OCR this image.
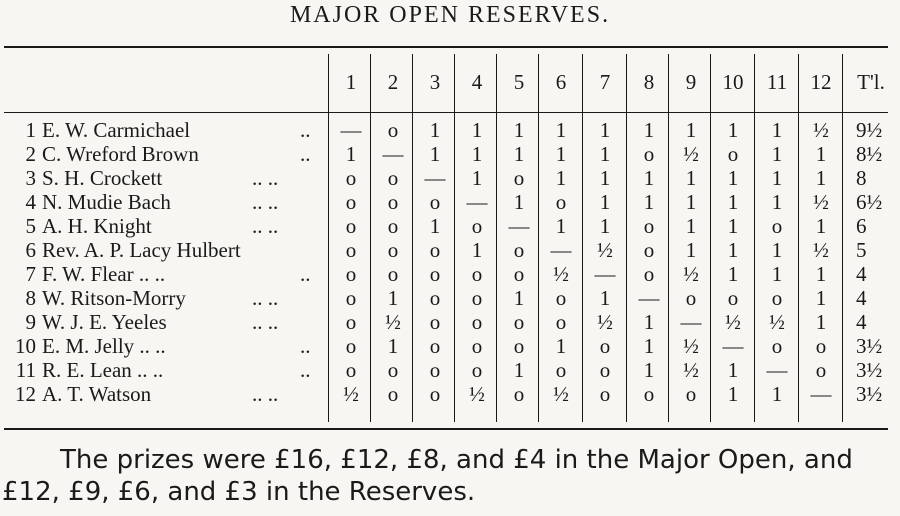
MAJOR OPEN RESERVES.
1	2	3	4	5	6	7	8	9	10	11	12	T'l.
1 E. W. Carmichael	..	—	o	1	1	1	1	1	1	1	1	1	½	9½
2 C. Wreford Brown	..	1	—	1	1	1	1	1	o	½	o	1	1	8½
3 S. H. Crockett	.. ..	o	o	—	1	o	1	1	1	1	1	1	1	8
4 N. Mudie Bach	.. ..	o	o	o	—	1	o	1	1	1	1	1	½	6½
5 A. H. Knight	.. ..	o	o	1	o	—	1	1	o	1	1	o	1	6
6 Rev. A. P. Lacy Hulbert	o	o	o	1	o	—	½	o	1	1	1	½	5
7 F. W. Flear .. ..	..	o	o	o	o	o	½	—	o	½	1	1	1	4
8 W. Ritson-Morry	.. ..	o	1	o	o	1	o	1	—	o	o	o	1	4
9 W. J. E. Yeeles	.. ..	o	½	o	o	o	o	½	1	—	½	½	1	4
10 E. M. Jelly .. ..	..	o	1	o	o	o	1	o	1	½	—	o	o	3½
11 R. E. Lean .. ..	..	o	o	o	o	1	o	o	1	½	1	—	o	3½
12 A. T. Watson	.. ..	½	o	o	½	o	½	o	o	o	1	1	—	3½
The prizes were £16, £12, £8, and £4 in the Major Open, and
£12, £9, £6, and £3 in the Reserves.
